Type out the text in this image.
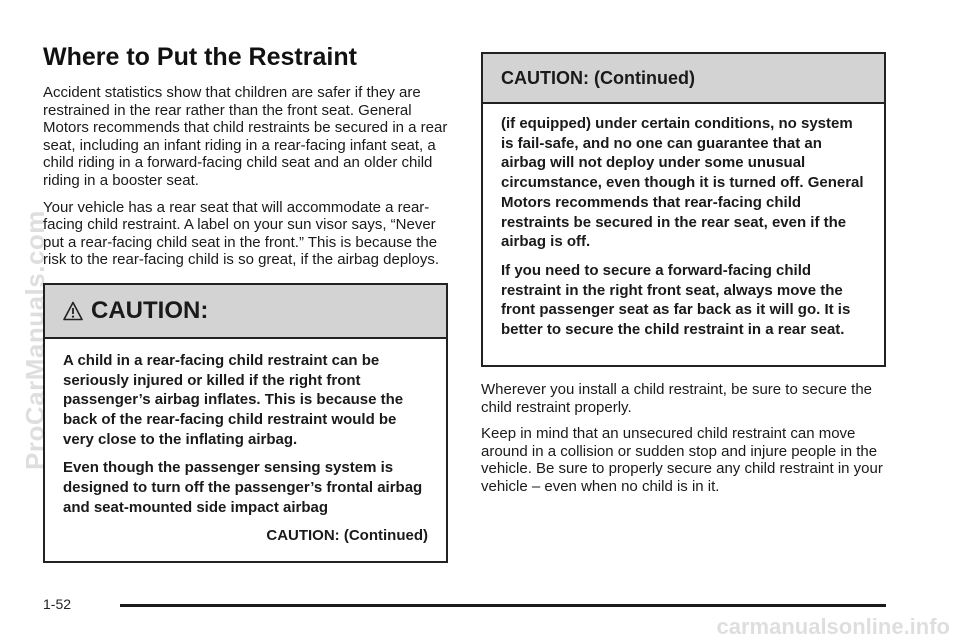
Where to Put the Restraint

Accident statistics show that children are safer if they are restrained in the rear rather than the front seat. General Motors recommends that child restraints be secured in a rear seat, including an infant riding in a rear-facing infant seat, a child riding in a forward-facing child seat and an older child riding in a booster seat.

Your vehicle has a rear seat that will accommodate a rear-facing child restraint. A label on your sun visor says, “Never put a rear-facing child seat in the front.” This is because the risk to the rear-facing child is so great, if the airbag deploys.

CAUTION:

A child in a rear-facing child restraint can be seriously injured or killed if the right front passenger’s airbag inflates. This is because the back of the rear-facing child restraint would be very close to the inflating airbag.

Even though the passenger sensing system is designed to turn off the passenger’s frontal airbag and seat-mounted side impact airbag

CAUTION: (Continued)
CAUTION: (Continued)

(if equipped) under certain conditions, no system is fail-safe, and no one can guarantee that an airbag will not deploy under some unusual circumstance, even though it is turned off. General Motors recommends that rear-facing child restraints be secured in the rear seat, even if the airbag is off.

If you need to secure a forward-facing child restraint in the right front seat, always move the front passenger seat as far back as it will go. It is better to secure the child restraint in a rear seat.

Wherever you install a child restraint, be sure to secure the child restraint properly.

Keep in mind that an unsecured child restraint can move around in a collision or sudden stop and injure people in the vehicle. Be sure to properly secure any child restraint in your vehicle – even when no child is in it.

1-52
ProCarManuals.com
carmanualsonline.info
